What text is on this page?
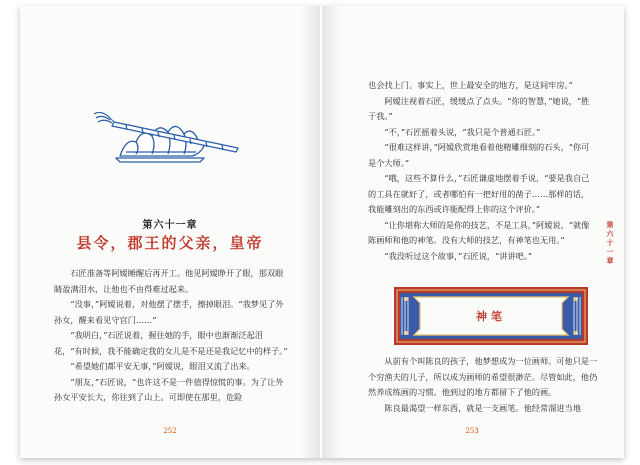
第六十一章
县令，郡王的父亲，皇帝

石匠准备等阿嫒睡醒后再开工。他见阿嫒睁开了眼，那双眼睛盈满泪水，让他也不由得难过起来。

“没事，”阿嫒说着，对他摆了摆手，擦掉眼泪。“我梦见了外孙女，醒来看见守宫门……”

“我明白，”石匠说着，握住她的手，眼中也渐渐泛起泪花，“有时候，我不能确定我的女儿是不是还是我记忆中的样子。”

“希望她们都平安无事，”阿嫒说，眼泪又流了出来。

“朋友，”石匠说，“也许这不是一件值得惊慌的事。为了让外孙女平安长大，你往到了山上。可即使在那里，危险

252

也会找上门。事实上，世上最安全的地方，是这间牢房。”

阿嫒注视着石匠，缓缓点了点头。“你的智慧，”她说，“胜于我。”

“不，”石匠摇着头说，“我只是个普通石匠。”

“很难这样讲，”阿嫒欣赏地看着他精雕细刻的石头，“你可是个大师。”

“哦，这些不算什么，”石匠谦虚地摆着手说，“要是我自己的工具在就好了，或者哪怕有一把好用的凿子……那样的话，我能雕刻出的东西或许能配得上你的这个评价。”

“让你堪称大师的是你的技艺，不是工具，”阿嫒说，“就像陈画师和他的神笔。没有大师的技艺，有神笔也无用。”

“我没听过这个故事，”石匠说，“讲讲吧。”

神笔

从前有个叫陈良的孩子，他梦想成为一位画师。可他只是一个穷渔夫的儿子，所以成为画师的希望很渺茫。尽管如此，他仍然养成练画的习惯。他到过的地方都留下了他的画。

陈良最渴望一样东西，就是一支画笔。他经常溜进当地

第六十一章
253
